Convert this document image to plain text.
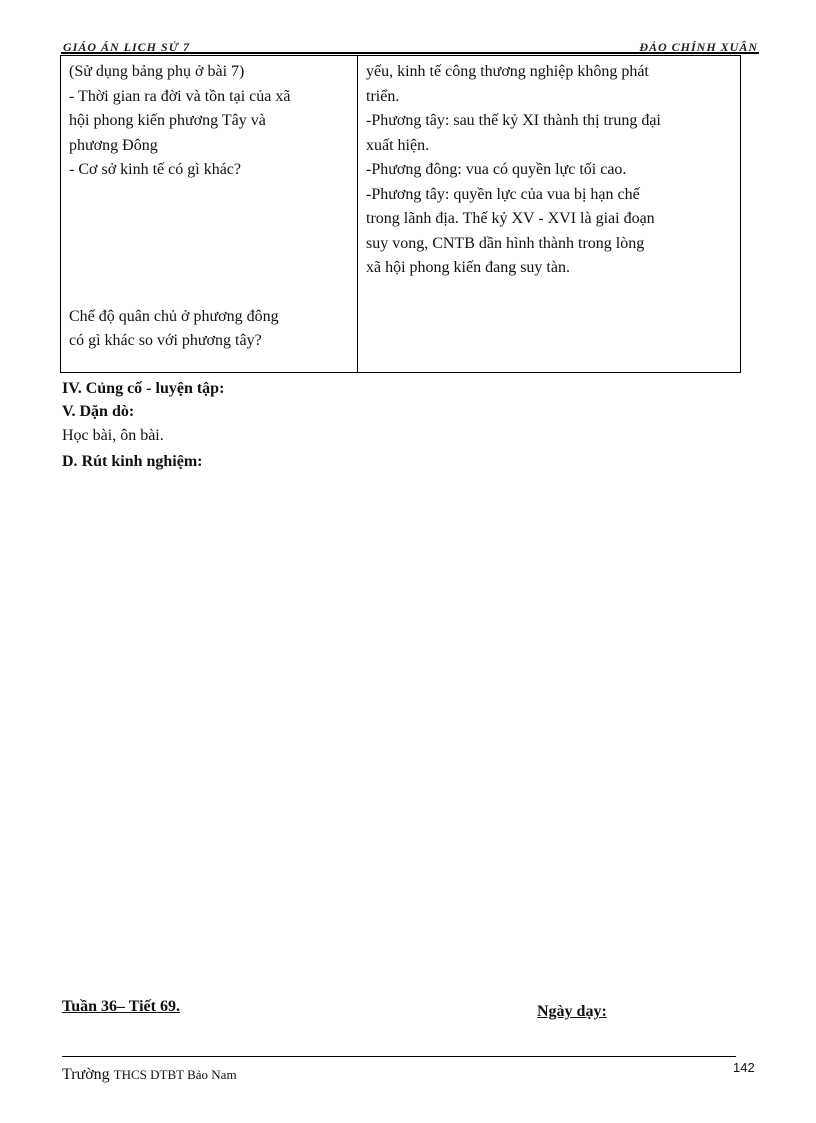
GIÁO ÁN LỊCH SỬ 7	ĐẢO CHÍNH XUÂN
(Sử dụng bảng phụ ở bài 7)
- Thời gian ra đời và tồn tại của xã
hội phong kiến phương Tây và
phương Đông
- Cơ sở kinh tế có gì khác?
Chế độ quân chủ ở phương đông
có gì khác so với phương tây?

yếu, kinh tế công thương nghiệp không phát
triển.
-Phương tây: sau thế kỷ XI thành thị trung đại
xuất hiện.
-Phương đông: vua có quyền lực tối cao.
-Phương tây: quyền lực của vua bị hạn chế
trong lãnh địa. Thế kỷ XV - XVI là giai đoạn
suy vong, CNTB dần hình thành trong lòng
xã hội phong kiến đang suy tàn.
IV. Củng cố - luyện tập:
V. Dặn dò:
Học bài, ôn bài.
D. Rút kinh nghiệm:
Tuần 36– Tiết 69.	Ngày dạy:
Trường THCS DTBT Bảo Nam	142
